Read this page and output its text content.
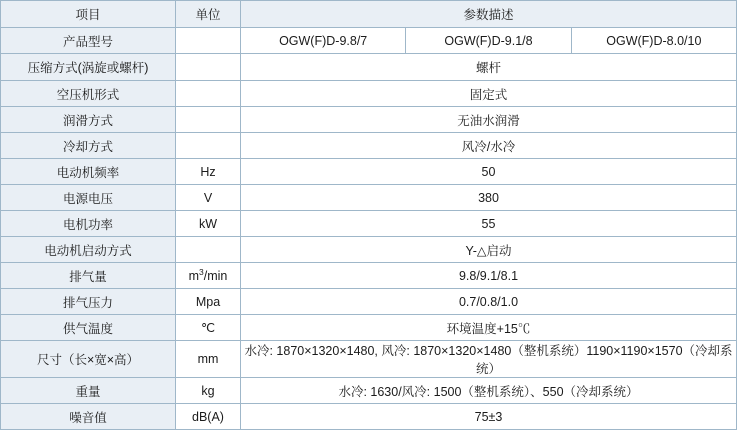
项目	单位	参数描述		
产品型号		OGW(F)D-9.8/7	OGW(F)D-9.1/8	OGW(F)D-8.0/10
压缩方式(涡旋或螺杆)		螺杆		
空压机形式		固定式		
润滑方式		无油水润滑		
冷却方式		风冷/水冷		
电动机频率	Hz	50		
电源电压	V	380		
电机功率	kW	55		
电动机启动方式		Y-△启动		
排气量	$m^3/\min$	9.8/9.1/8.1		
排气压力	Mpa	0.7/0.8/1.0		
供气温度	℃	环境温度+15℃		
尺寸（长×宽×高）	mm	水冷: 1870×1320×1480, 风冷: 1870×1320×1480（整机系统）1190×1190×1570（冷却系统）		
重量	kg	水冷: 1630/风冷: 1500（整机系统）、550（冷却系统）		
噪音值	dB(A)	75±3		
